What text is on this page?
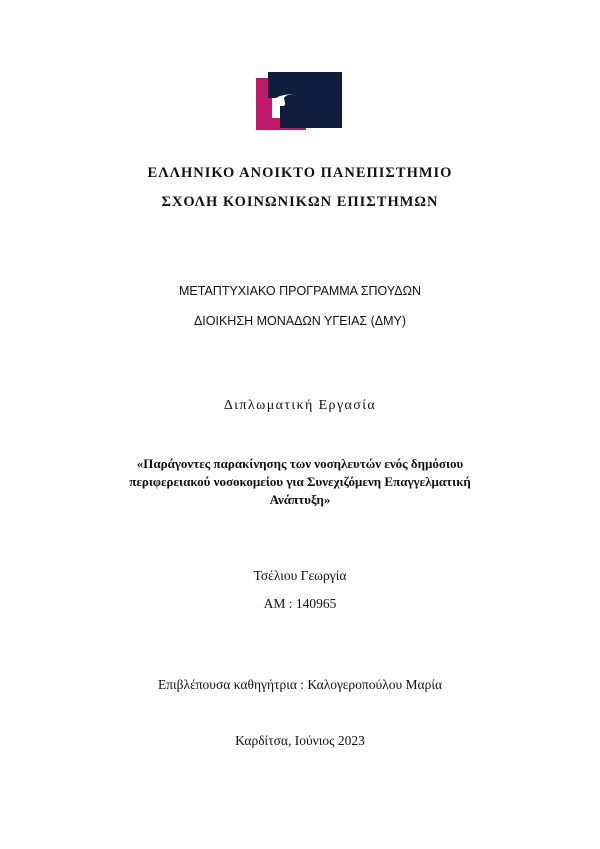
ΕΛΛΗΝΙΚΟ ΑΝΟΙΚΤΟ ΠΑΝΕΠΙΣΤΗΜΙΟ
ΣΧΟΛΗ ΚΟΙΝΩΝΙΚΩΝ ΕΠΙΣΤΗΜΩΝ
ΜΕΤΑΠΤΥΧΙΑΚΟ ΠΡΟΓΡΑΜΜΑ ΣΠΟΥΔΩΝ
ΔΙΟΙΚΗΣΗ ΜΟΝΑΔΩΝ ΥΓΕΙΑΣ (ΔΜΥ)
Διπλωματική Εργασία
«Παράγοντες παρακίνησης των νοσηλευτών ενός δημόσιου περιφερειακού νοσοκομείου για Συνεχιζόμενη Επαγγελματική Ανάπτυξη»
Τσέλιου Γεωργία
ΑΜ : 140965
Επιβλέπουσα καθηγήτρια : Καλογεροπούλου Μαρία
Καρδίτσα, Ιούνιος 2023
